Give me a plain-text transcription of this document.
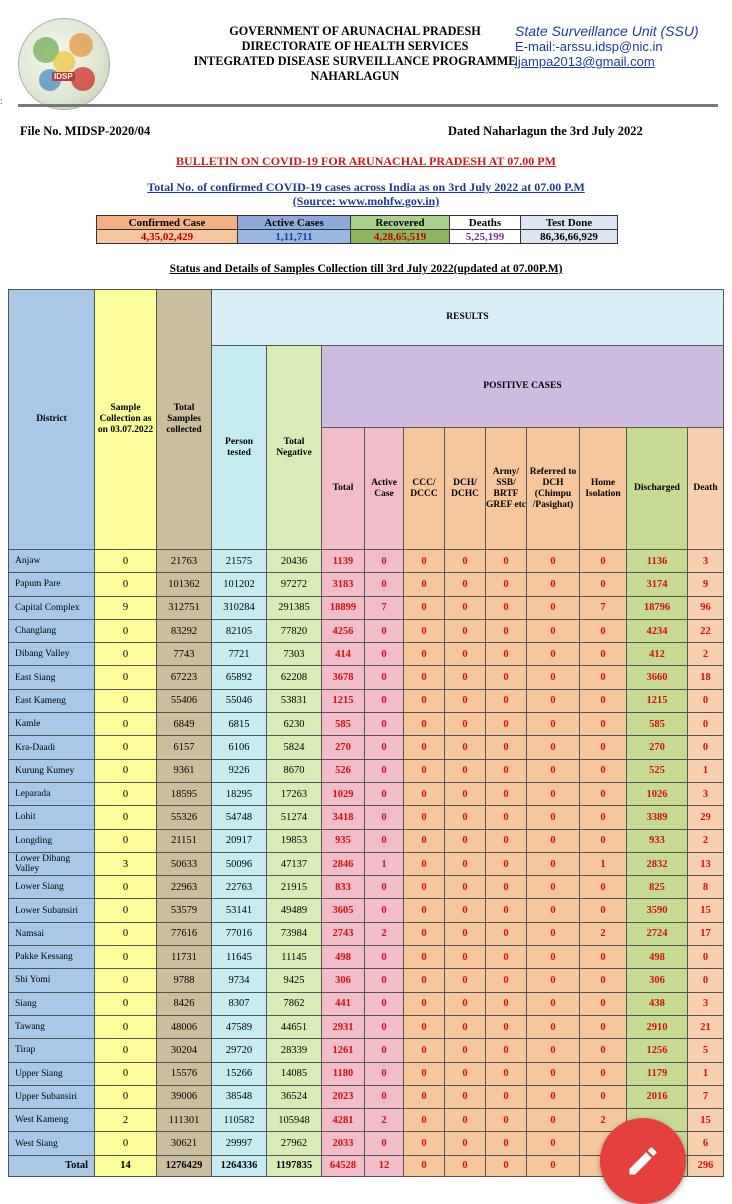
IDSP
:
GOVERNMENT OF ARUNACHAL PRADESH
DIRECTORATE OF HEALTH SERVICES
INTEGRATED DISEASE SURVEILLANCE PROGRAMME
NAHARLAGUN
State Surveillance Unit (SSU)
E-mail:-arssu.idsp@nic.in
ljampa2013@gmail.com
File No. MIDSP-2020/04	Dated Naharlagun the 3rd July 2022
BULLETIN ON COVID-19 FOR ARUNACHAL PRADESH AT 07.00 PM
Total No. of confirmed COVID-19 cases across India as on 3rd July 2022 at 07.00 P.M
(Source: www.mohfw.gov.in)
Confirmed Case	Active Cases	Recovered	Deaths	Test Done
4,35,02,429	1,11,711	4,28,65,519	5,25,199	86,36,66,929
Status and Details of Samples Collection till 3rd July 2022(updated at 07.00P.M)
District	Sample Collection as on 03.07.2022	Total Samples collected	RESULTS										
			Person tested	Total Negative	POSITIVE CASES								
					Total	Active Case	CCC/ DCCC	DCH/ DCHC	Army/ SSB/ BRTF GREF etc	Referred to DCH (Chimpu /Pasighat)	Home Isolation	Discharged	Death
Anjaw	0	21763	21575	20436	1139	0	0	0	0	0	0	1136	3
Papum Pare	0	101362	101202	97272	3183	0	0	0	0	0	0	3174	9
Capital Complex	9	312751	310284	291385	18899	7	0	0	0	0	7	18796	96
Changlang	0	83292	82105	77820	4256	0	0	0	0	0	0	4234	22
Dibang Valley	0	7743	7721	7303	414	0	0	0	0	0	0	412	2
East Siang	0	67223	65892	62208	3678	0	0	0	0	0	0	3660	18
East Kameng	0	55406	55046	53831	1215	0	0	0	0	0	0	1215	0
Kamle	0	6849	6815	6230	585	0	0	0	0	0	0	585	0
Kra-Daadi	0	6157	6106	5824	270	0	0	0	0	0	0	270	0
Kurung Kumey	0	9361	9226	8670	526	0	0	0	0	0	0	525	1
Leparada	0	18595	18295	17263	1029	0	0	0	0	0	0	1026	3
Lohit	0	55326	54748	51274	3418	0	0	0	0	0	0	3389	29
Longding	0	21151	20917	19853	935	0	0	0	0	0	0	933	2
Lower Dibang Valley	3	50633	50096	47137	2846	1	0	0	0	0	1	2832	13
Lower Siang	0	22963	22763	21915	833	0	0	0	0	0	0	825	8
Lower Subansiri	0	53579	53141	49489	3605	0	0	0	0	0	0	3590	15
Namsai	0	77616	77016	73984	2743	2	0	0	0	0	2	2724	17
Pakke Kessang	0	11731	11645	11145	498	0	0	0	0	0	0	498	0
Shi Yomi	0	9788	9734	9425	306	0	0	0	0	0	0	306	0
Siang	0	8426	8307	7862	441	0	0	0	0	0	0	438	3
Tawang	0	48006	47589	44651	2931	0	0	0	0	0	0	2910	21
Tirap	0	30204	29720	28339	1261	0	0	0	0	0	0	1256	5
Upper Siang	0	15576	15266	14085	1180	0	0	0	0	0	0	1179	1
Upper Subansiri	0	39006	38548	36524	2023	0	0	0	0	0	0	2016	7
West Kameng	2	111301	110582	105948	4281	2	0	0	0	0	2		15
West Siang	0	30621	29997	27962	2033	0	0	0	0	0			6
Total	14	1276429	1264336	1197835	64528	12	0	0	0	0			296
